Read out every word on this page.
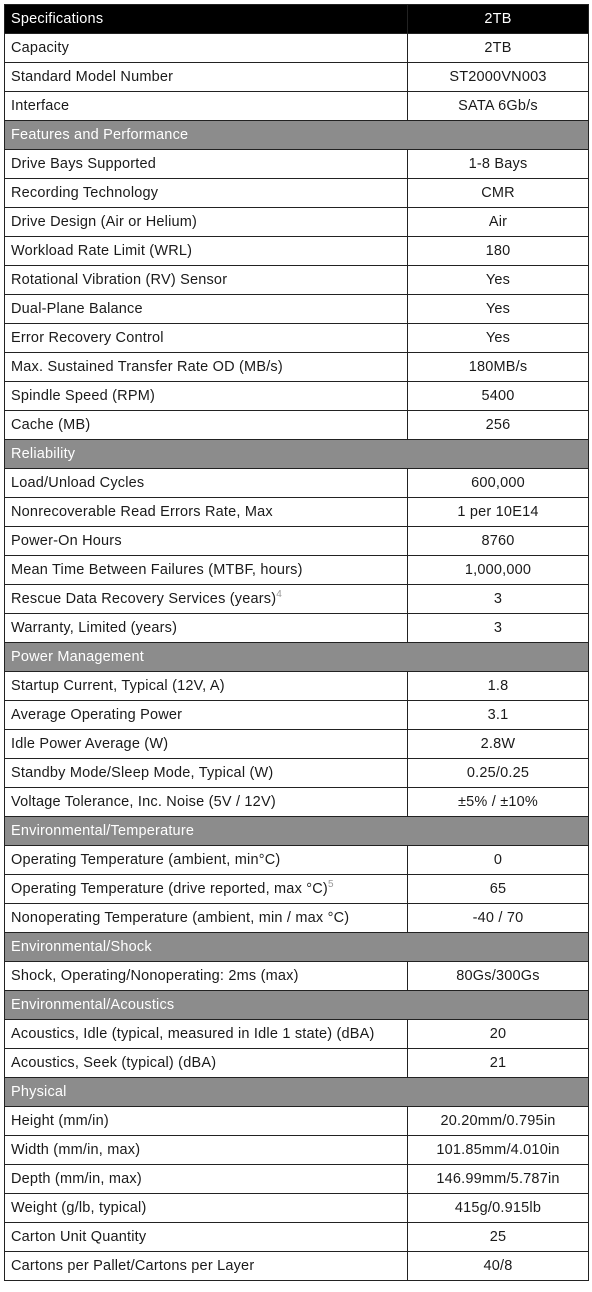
Specifications	2TB
Capacity	2TB
Standard Model Number	ST2000VN003
Interface	SATA 6Gb/s
Features and Performance	
Drive Bays Supported	1-8 Bays
Recording Technology	CMR
Drive Design (Air or Helium)	Air
Workload Rate Limit (WRL)	180
Rotational Vibration (RV) Sensor	Yes
Dual-Plane Balance	Yes
Error Recovery Control	Yes
Max. Sustained Transfer Rate OD (MB/s)	180MB/s
Spindle Speed (RPM)	5400
Cache (MB)	256
Reliability	
Load/Unload Cycles	600,000
Nonrecoverable Read Errors Rate, Max	1 per 10E14
Power-On Hours	8760
Mean Time Between Failures (MTBF, hours)	1,000,000
Rescue Data Recovery Services (years)$^4$	3
Warranty, Limited (years)	3
Power Management	
Startup Current, Typical (12V, A)	1.8
Average Operating Power	3.1
Idle Power Average (W)	2.8W
Standby Mode/Sleep Mode, Typical (W)	0.25/0.25
Voltage Tolerance, Inc. Noise (5V / 12V)	±5% / ±10%
Environmental/Temperature	
Operating Temperature (ambient, min°C)	0
Operating Temperature (drive reported, max °C)$^5$	65
Nonoperating Temperature (ambient, min / max °C)	-40 / 70
Environmental/Shock	
Shock, Operating/Nonoperating: 2ms (max)	80Gs/300Gs
Environmental/Acoustics	
Acoustics, Idle (typical, measured in Idle 1 state) (dBA)	20
Acoustics, Seek (typical) (dBA)	21
Physical	
Height (mm/in)	20.20mm/0.795in
Width (mm/in, max)	101.85mm/4.010in
Depth (mm/in, max)	146.99mm/5.787in
Weight (g/lb, typical)	415g/0.915lb
Carton Unit Quantity	25
Cartons per Pallet/Cartons per Layer	40/8
